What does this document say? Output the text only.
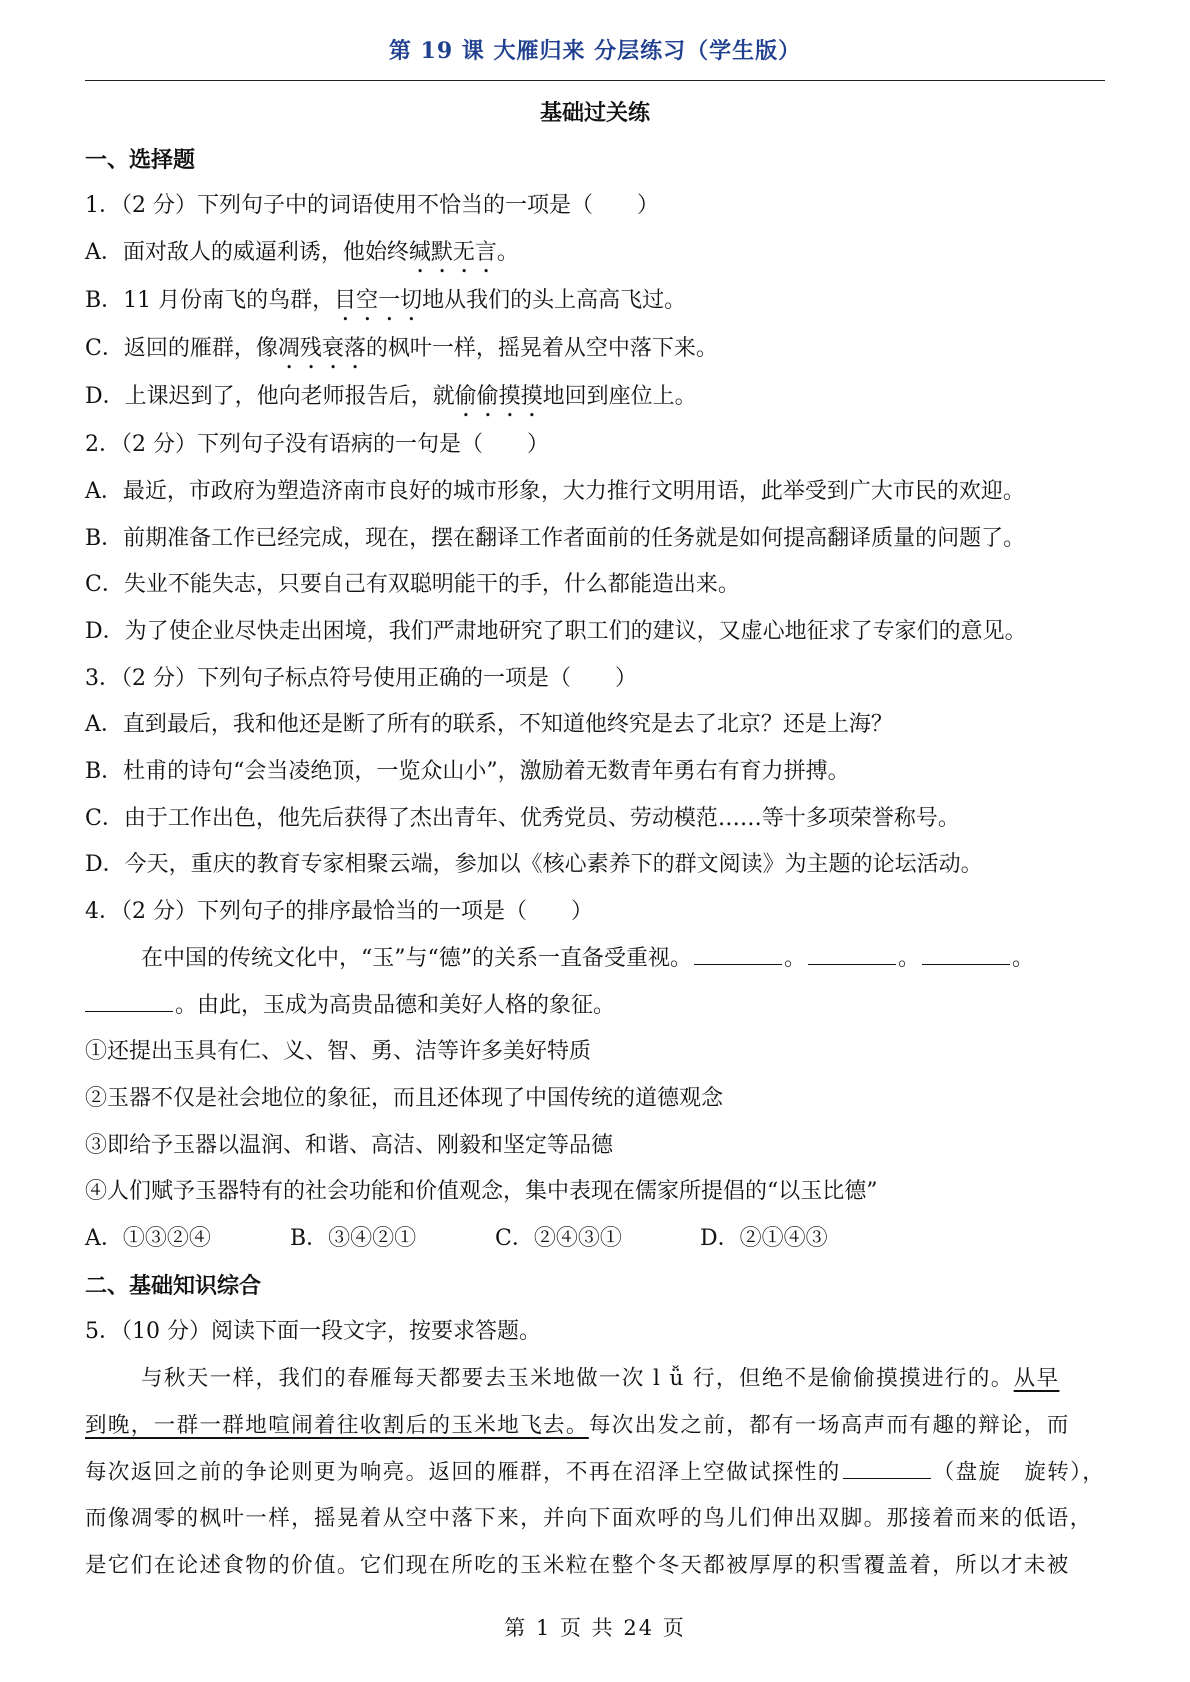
第 19 课 大雁归来 分层练习（学生版）
基础过关练
一、选择题
1．（2 分）下列句子中的词语使用不恰当的一项是（　　）
A．面对敌人的威逼利诱，他始终缄默无言。
B．11 月份南飞的鸟群，目空一切地从我们的头上高高飞过。
C．返回的雁群，像凋残衰落的枫叶一样，摇晃着从空中落下来。
D．上课迟到了，他向老师报告后，就偷偷摸摸地回到座位上。
2．（2 分）下列句子没有语病的一句是（　　）
A．最近，市政府为塑造济南市良好的城市形象，大力推行文明用语，此举受到广大市民的欢迎。
B．前期准备工作已经完成，现在，摆在翻译工作者面前的任务就是如何提高翻译质量的问题了。
C．失业不能失志，只要自己有双聪明能干的手，什么都能造出来。
D．为了使企业尽快走出困境，我们严肃地研究了职工们的建议，又虚心地征求了专家们的意见。
3．（2 分）下列句子标点符号使用正确的一项是（　　）
A．直到最后，我和他还是断了所有的联系，不知道他终究是去了北京？还是上海？
B．杜甫的诗句“会当凌绝顶，一览众山小”，激励着无数青年勇右有育力拼搏。
C．由于工作出色，他先后获得了杰出青年、优秀党员、劳动模范……等十多项荣誉称号。
D．今天，重庆的教育专家相聚云端，参加以《核心素养下的群文阅读》为主题的论坛活动。
4．（2 分）下列句子的排序最恰当的一项是（　　）
在中国的传统文化中，“玉”与“德”的关系一直备受重视。	。	。	。
。由此，玉成为高贵品德和美好人格的象征。
①还提出玉具有仁、义、智、勇、洁等许多美好特质
②玉器不仅是社会地位的象征，而且还体现了中国传统的道德观念
③即给予玉器以温润、和谐、高洁、刚毅和坚定等品德
④人们赋予玉器特有的社会功能和价值观念，集中表现在儒家所提倡的“以玉比德”
A．①③②④	B．③④②①	C．②④③①	D．②①④③
二、基础知识综合
5．（10 分）阅读下面一段文字，按要求答题。
与秋天一样，我们的春雁每天都要去玉米地做一次 l ǚ 行，但绝不是偷偷摸摸进行的。从早
到晚，一群一群地喧闹着往收割后的玉米地飞去。每次出发之前，都有一场高声而有趣的辩论，而
每次返回之前的争论则更为响亮。返回的雁群，不再在沼泽上空做试探性的	（盘旋　旋转），
而像凋零的枫叶一样，摇晃着从空中落下来，并向下面欢呼的鸟儿们伸出双脚。那接着而来的低语，
是它们在论述食物的价值。它们现在所吃的玉米粒在整个冬天都被厚厚的积雪覆盖着，所以才未被
第 1 页 共 24 页
